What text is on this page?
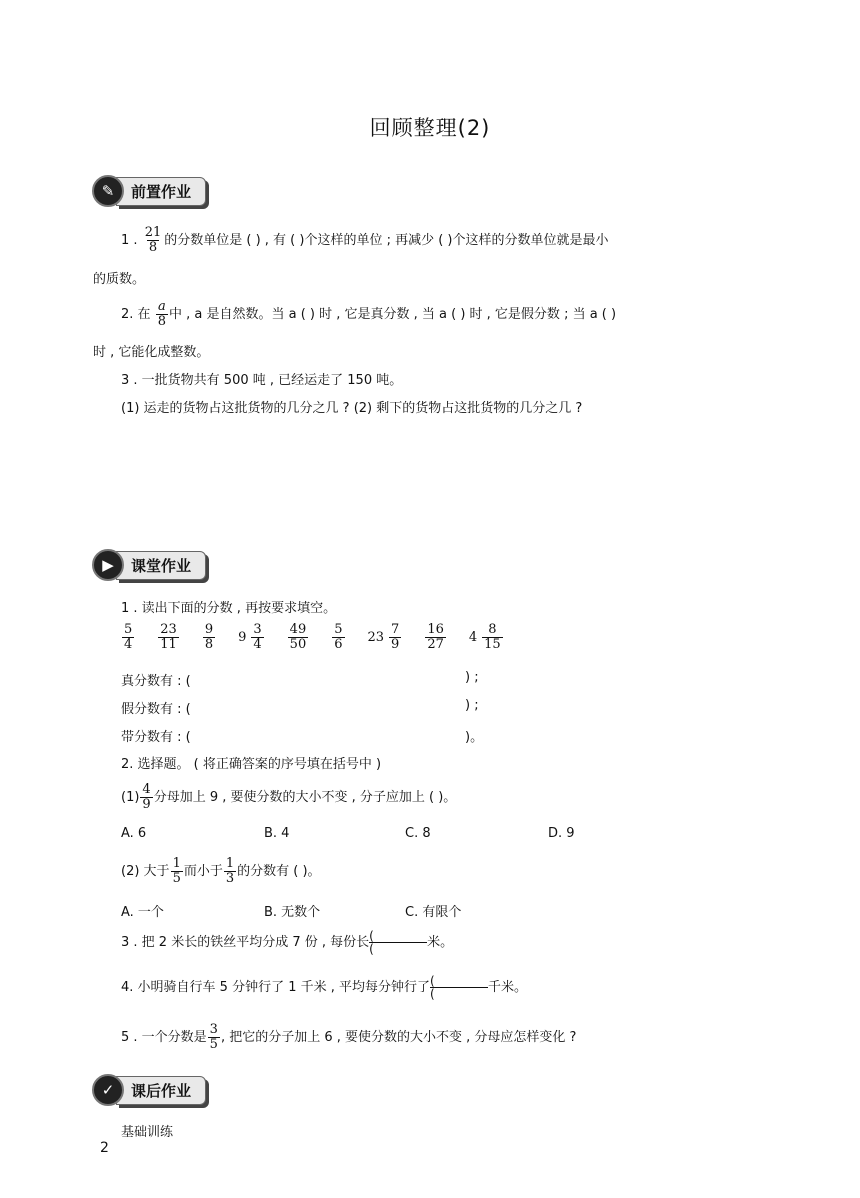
回顾整理(2)
✎	前置作业
1 . $\frac{21}{8}$ 的分数单位是 ( ) , 有 ( )个这样的单位 ; 再减少 ( )个这样的分数单位就是最小
的质数。
2. 在 $\frac{a}{8}$ 中 , a 是自然数。当 a ( ) 时 , 它是真分数 , 当 a ( ) 时 , 它是假分数 ; 当 a ( )
时 , 它能化成整数。
3 . 一批货物共有 500 吨 , 已经运走了 150 吨。
(1) 运走的货物占这批货物的几分之几 ? (2) 剩下的货物占这批货物的几分之几 ?
▶	课堂作业
1 . 读出下面的分数 , 再按要求填空。
$\frac{5}{4} \frac{23}{11} \frac{9}{8} 9 \frac{3}{4} \frac{49}{50} \frac{5}{6} 23 \frac{7}{9} \frac{16}{27} 4 \frac{8}{15}$
真分数有 : (	) ;
假分数有 : (	) ;
带分数有 : (	)。
2. 选择题。 ( 将正确答案的序号填在括号中 )
$(1) \frac{4}{9}$ 分母加上 9 , 要使分数的大小不变 , 分子应加上 ( )。
A. 6	B. 4	C. 8	D. 9
(2) 大于 $\frac{1}{5}$ 而小于 $\frac{1}{3}$ 的分数有 ( )。
A. 一个	B. 无数个	C. 有限个
3 . 把 2 米长的铁丝平均分成 7 份 , 每份长 (
(	米。
4. 小明骑自行车 5 分钟行了 1 千米 , 平均每分钟行了 (
(	千米。
5 . 一个分数是 $\frac{3}{5}$ , 把它的分子加上 6 , 要使分数的大小不变 , 分母应怎样变化 ?
✓	课后作业
基础训练
2
